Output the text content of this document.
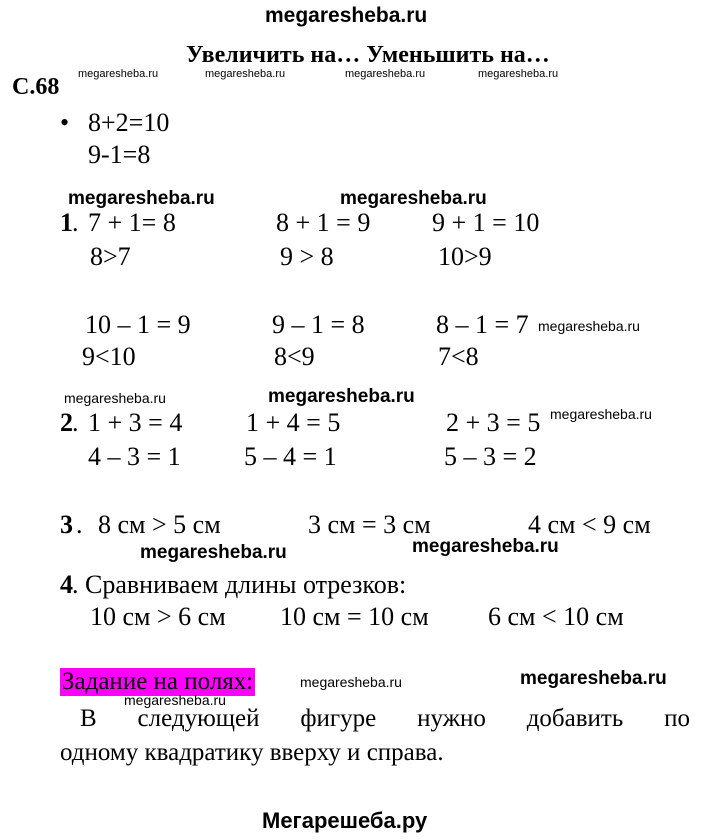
megaresheba.ru
Увеличить на… Уменьшить на…
С.68 megaresheba.ru	megaresheba.ru	megaresheba.ru	megaresheba.ru
• 8+2=10
9-1=8
megaresheba.ru	megaresheba.ru
1 . 7 + 1= 8	8 + 1 = 9 9 + 1 = 10
8>7	9 > 8	10>9
10 – 1 = 9	9 – 1 = 8	8 – 1 = 7 megaresheba.ru
9<10	8<9	7<8
megaresheba.ru	megaresheba.ru
2 . 1 + 3 = 4 1 + 4 = 5	2 + 3 = 5 megaresheba.ru
4 – 3 = 1 5 – 4 = 1	5 – 3 = 2
3 . 8 см > 5 см	3 см = 3 см	4 см < 9 см
megaresheba.ru	megaresheba.ru
4 . Сравниваем длины отрезков:
10 см > 6 см 10 см = 10 см 6 см < 10 см
Задание на полях:	megaresheba.ru	megaresheba.ru
megaresheba.ru
В следующей фигуре нужно добавить по
одному квадратику вверху и справа.
Мегарешеба.ру
